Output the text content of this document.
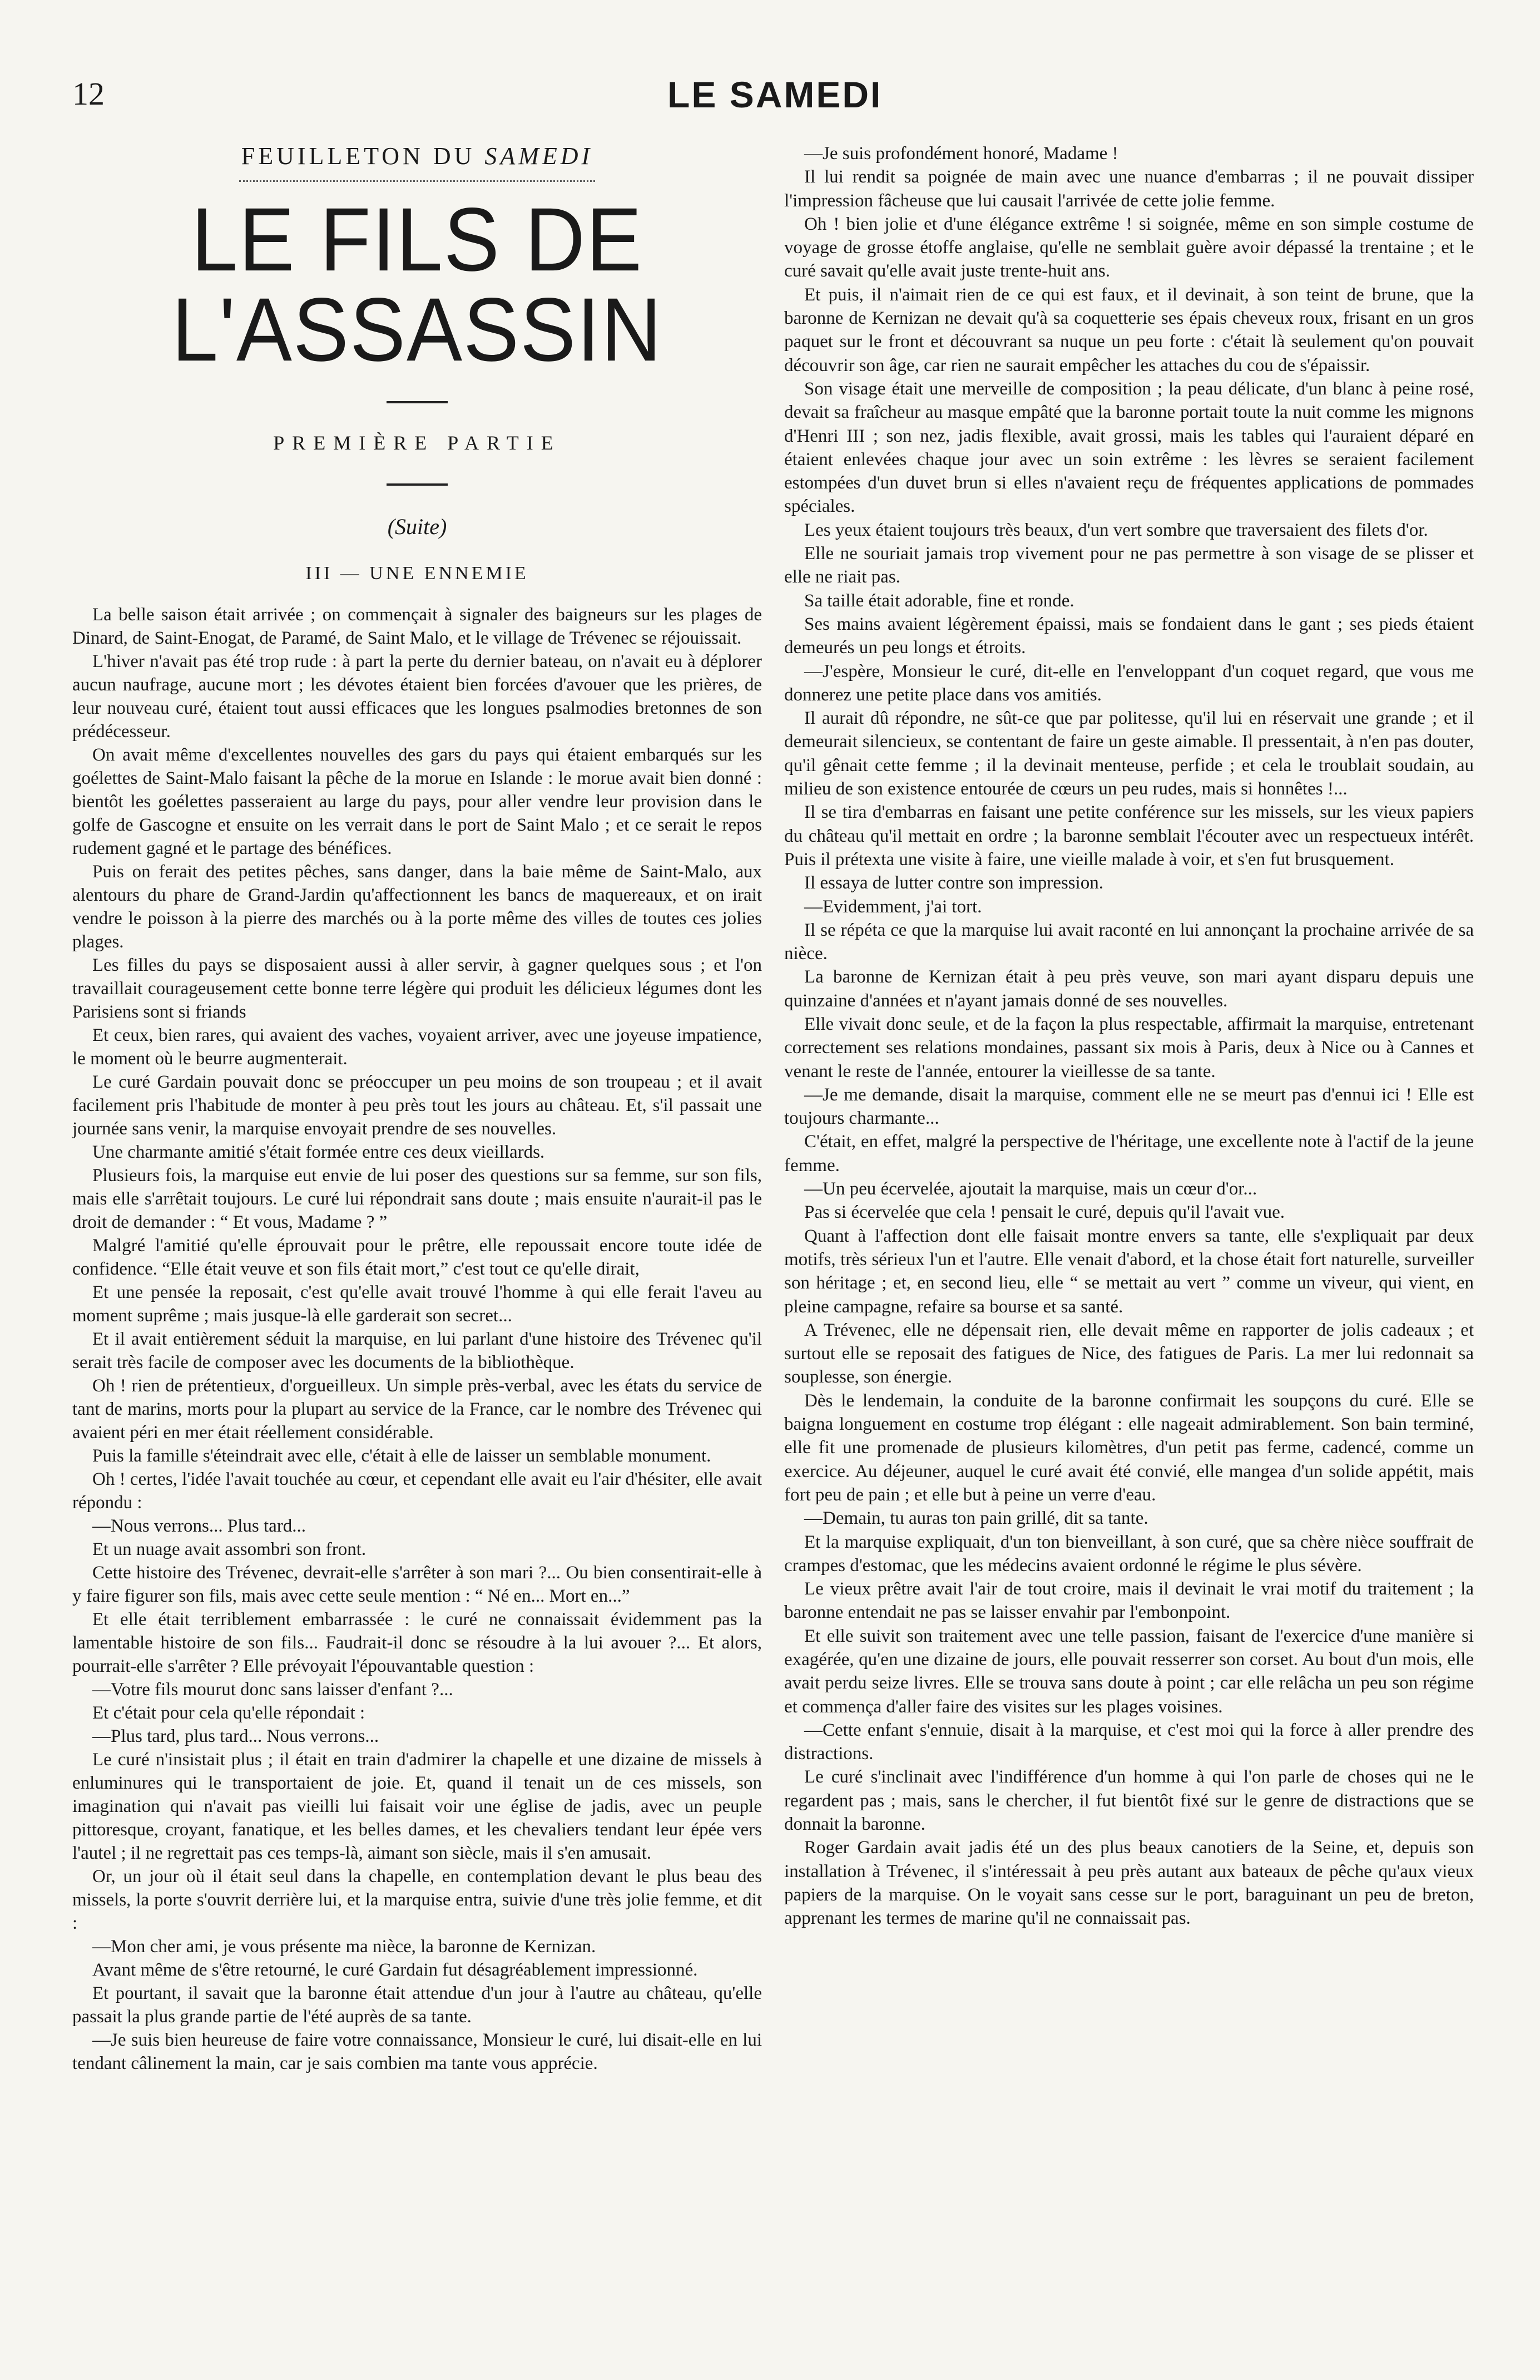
12	LE SAMEDI
FEUILLETON DU SAMEDI
LE FILS DE L'ASSASSIN
PREMIÈRE PARTIE
(Suite)
III — UNE ENNEMIE

La belle saison était arrivée ; on commençait à signaler des baigneurs sur les plages de Dinard, de Saint-Enogat, de Paramé, de Saint Malo, et le village de Trévenec se réjouissait.

L'hiver n'avait pas été trop rude : à part la perte du dernier bateau, on n'avait eu à déplorer aucun naufrage, aucune mort ; les dévotes étaient bien forcées d'avouer que les prières, de leur nouveau curé, étaient tout aussi efficaces que les longues psalmodies bretonnes de son prédécesseur.

On avait même d'excellentes nouvelles des gars du pays qui étaient embarqués sur les goélettes de Saint-Malo faisant la pêche de la morue en Islande : le morue avait bien donné : bientôt les goélettes passeraient au large du pays, pour aller vendre leur provision dans le golfe de Gascogne et ensuite on les verrait dans le port de Saint Malo ; et ce serait le repos rudement gagné et le partage des bénéfices.

Puis on ferait des petites pêches, sans danger, dans la baie même de Saint-Malo, aux alentours du phare de Grand-Jardin qu'affectionnent les bancs de maquereaux, et on irait vendre le poisson à la pierre des marchés ou à la porte même des villes de toutes ces jolies plages.

Les filles du pays se disposaient aussi à aller servir, à gagner quelques sous ; et l'on travaillait courageusement cette bonne terre légère qui produit les délicieux légumes dont les Parisiens sont si friands

Et ceux, bien rares, qui avaient des vaches, voyaient arriver, avec une joyeuse impatience, le moment où le beurre augmenterait.

Le curé Gardain pouvait donc se préoccuper un peu moins de son troupeau ; et il avait facilement pris l'habitude de monter à peu près tout les jours au château. Et, s'il passait une journée sans venir, la marquise envoyait prendre de ses nouvelles.

Une charmante amitié s'était formée entre ces deux vieillards.

Plusieurs fois, la marquise eut envie de lui poser des questions sur sa femme, sur son fils, mais elle s'arrêtait toujours. Le curé lui répondrait sans doute ; mais ensuite n'aurait-il pas le droit de demander : “ Et vous, Madame ? ”

Malgré l'amitié qu'elle éprouvait pour le prêtre, elle repoussait encore toute idée de confidence. “Elle était veuve et son fils était mort,” c'est tout ce qu'elle dirait,

Et une pensée la reposait, c'est qu'elle avait trouvé l'homme à qui elle ferait l'aveu au moment suprême ; mais jusque-là elle garderait son secret...

Et il avait entièrement séduit la marquise, en lui parlant d'une histoire des Trévenec qu'il serait très facile de composer avec les documents de la bibliothèque.

Oh ! rien de prétentieux, d'orgueilleux. Un simple près-verbal, avec les états du service de tant de marins, morts pour la plupart au service de la France, car le nombre des Trévenec qui avaient péri en mer était réellement considérable.

Puis la famille s'éteindrait avec elle, c'était à elle de laisser un semblable monument.

Oh ! certes, l'idée l'avait touchée au cœur, et cependant elle avait eu l'air d'hésiter, elle avait répondu :

—Nous verrons... Plus tard...

Et un nuage avait assombri son front.

Cette histoire des Trévenec, devrait-elle s'arrêter à son mari ?... Ou bien consentirait-elle à y faire figurer son fils, mais avec cette seule mention : “ Né en... Mort en...”

Et elle était terriblement embarrassée : le curé ne connaissait évidemment pas la lamentable histoire de son fils... Faudrait-il donc se résoudre à la lui avouer ?... Et alors, pourrait-elle s'arrêter ? Elle prévoyait l'épouvantable question :

—Votre fils mourut donc sans laisser d'enfant ?...

Et c'était pour cela qu'elle répondait :

—Plus tard, plus tard... Nous verrons...

Le curé n'insistait plus ; il était en train d'admirer la chapelle et une dizaine de missels à enluminures qui le transportaient de joie. Et, quand il tenait un de ces missels, son imagination qui n'avait pas vieilli lui faisait voir une église de jadis, avec un peuple pittoresque, croyant, fanatique, et les belles dames, et les chevaliers tendant leur épée vers l'autel ; il ne regrettait pas ces temps-là, aimant son siècle, mais il s'en amusait.

Or, un jour où il était seul dans la chapelle, en contemplation devant le plus beau des missels, la porte s'ouvrit derrière lui, et la marquise entra, suivie d'une très jolie femme, et dit :

—Mon cher ami, je vous présente ma nièce, la baronne de Kernizan.

Avant même de s'être retourné, le curé Gardain fut désagréablement impressionné.

Et pourtant, il savait que la baronne était attendue d'un jour à l'autre au château, qu'elle passait la plus grande partie de l'été auprès de sa tante.

—Je suis bien heureuse de faire votre connaissance, Monsieur le curé, lui disait-elle en lui tendant câlinement la main, car je sais combien ma tante vous apprécie.

—Je suis profondément honoré, Madame !

Il lui rendit sa poignée de main avec une nuance d'embarras ; il ne pouvait dissiper l'impression fâcheuse que lui causait l'arrivée de cette jolie femme.

Oh ! bien jolie et d'une élégance extrême ! si soignée, même en son simple costume de voyage de grosse étoffe anglaise, qu'elle ne semblait guère avoir dépassé la trentaine ; et le curé savait qu'elle avait juste trente-huit ans.

Et puis, il n'aimait rien de ce qui est faux, et il devinait, à son teint de brune, que la baronne de Kernizan ne devait qu'à sa coquetterie ses épais cheveux roux, frisant en un gros paquet sur le front et découvrant sa nuque un peu forte : c'était là seulement qu'on pouvait découvrir son âge, car rien ne saurait empêcher les attaches du cou de s'épaissir.

Son visage était une merveille de composition ; la peau délicate, d'un blanc à peine rosé, devait sa fraîcheur au masque empâté que la baronne portait toute la nuit comme les mignons d'Henri III ; son nez, jadis flexible, avait grossi, mais les tables qui l'auraient déparé en étaient enlevées chaque jour avec un soin extrême : les lèvres se seraient facilement estompées d'un duvet brun si elles n'avaient reçu de fréquentes applications de pommades spéciales.

Les yeux étaient toujours très beaux, d'un vert sombre que traversaient des filets d'or.

Elle ne souriait jamais trop vivement pour ne pas permettre à son visage de se plisser et elle ne riait pas.

Sa taille était adorable, fine et ronde.

Ses mains avaient légèrement épaissi, mais se fondaient dans le gant ; ses pieds étaient demeurés un peu longs et étroits.

—J'espère, Monsieur le curé, dit-elle en l'enveloppant d'un coquet regard, que vous me donnerez une petite place dans vos amitiés.

Il aurait dû répondre, ne sût-ce que par politesse, qu'il lui en réservait une grande ; et il demeurait silencieux, se contentant de faire un geste aimable. Il pressentait, à n'en pas douter, qu'il gênait cette femme ; il la devinait menteuse, perfide ; et cela le troublait soudain, au milieu de son existence entourée de cœurs un peu rudes, mais si honnêtes !...

Il se tira d'embarras en faisant une petite conférence sur les missels, sur les vieux papiers du château qu'il mettait en ordre ; la baronne semblait l'écouter avec un respectueux intérêt. Puis il prétexta une visite à faire, une vieille malade à voir, et s'en fut brusquement.

Il essaya de lutter contre son impression.

—Evidemment, j'ai tort.

Il se répéta ce que la marquise lui avait raconté en lui annonçant la prochaine arrivée de sa nièce.

La baronne de Kernizan était à peu près veuve, son mari ayant disparu depuis une quinzaine d'années et n'ayant jamais donné de ses nouvelles.

Elle vivait donc seule, et de la façon la plus respectable, affirmait la marquise, entretenant correctement ses relations mondaines, passant six mois à Paris, deux à Nice ou à Cannes et venant le reste de l'année, entourer la vieillesse de sa tante.

—Je me demande, disait la marquise, comment elle ne se meurt pas d'ennui ici ! Elle est toujours charmante...

C'était, en effet, malgré la perspective de l'héritage, une excellente note à l'actif de la jeune femme.

—Un peu écervelée, ajoutait la marquise, mais un cœur d'or...

Pas si écervelée que cela ! pensait le curé, depuis qu'il l'avait vue.

Quant à l'affection dont elle faisait montre envers sa tante, elle s'expliquait par deux motifs, très sérieux l'un et l'autre. Elle venait d'abord, et la chose était fort naturelle, surveiller son héritage ; et, en second lieu, elle “ se mettait au vert ” comme un viveur, qui vient, en pleine campagne, refaire sa bourse et sa santé.

A Trévenec, elle ne dépensait rien, elle devait même en rapporter de jolis cadeaux ; et surtout elle se reposait des fatigues de Nice, des fatigues de Paris. La mer lui redonnait sa souplesse, son énergie.

Dès le lendemain, la conduite de la baronne confirmait les soupçons du curé. Elle se baigna longuement en costume trop élégant : elle nageait admirablement. Son bain terminé, elle fit une promenade de plusieurs kilomètres, d'un petit pas ferme, cadencé, comme un exercice. Au déjeuner, auquel le curé avait été convié, elle mangea d'un solide appétit, mais fort peu de pain ; et elle but à peine un verre d'eau.

—Demain, tu auras ton pain grillé, dit sa tante.

Et la marquise expliquait, d'un ton bienveillant, à son curé, que sa chère nièce souffrait de crampes d'estomac, que les médecins avaient ordonné le régime le plus sévère.

Le vieux prêtre avait l'air de tout croire, mais il devinait le vrai motif du traitement ; la baronne entendait ne pas se laisser envahir par l'embonpoint.

Et elle suivit son traitement avec une telle passion, faisant de l'exercice d'une manière si exagérée, qu'en une dizaine de jours, elle pouvait resserrer son corset. Au bout d'un mois, elle avait perdu seize livres. Elle se trouva sans doute à point ; car elle relâcha un peu son régime et commença d'aller faire des visites sur les plages voisines.

—Cette enfant s'ennuie, disait à la marquise, et c'est moi qui la force à aller prendre des distractions.

Le curé s'inclinait avec l'indifférence d'un homme à qui l'on parle de choses qui ne le regardent pas ; mais, sans le chercher, il fut bientôt fixé sur le genre de distractions que se donnait la baronne.

Roger Gardain avait jadis été un des plus beaux canotiers de la Seine, et, depuis son installation à Trévenec, il s'intéressait à peu près autant aux bateaux de pêche qu'aux vieux papiers de la marquise. On le voyait sans cesse sur le port, baraguinant un peu de breton, apprenant les termes de marine qu'il ne connaissait pas.
